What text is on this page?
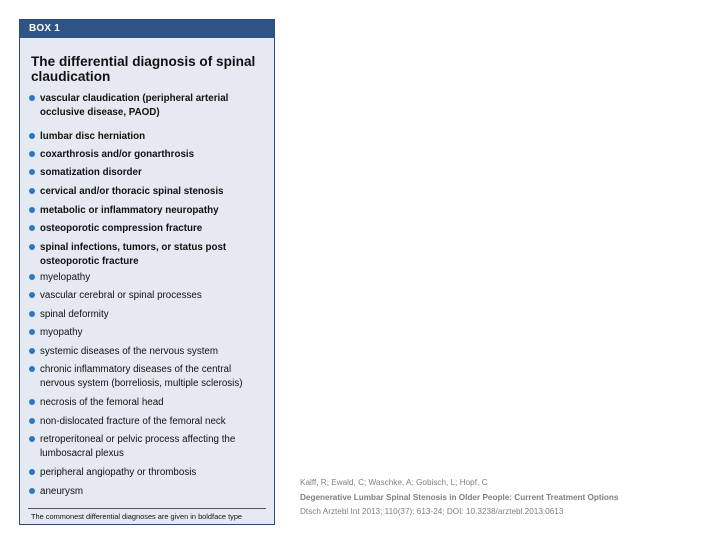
BOX 1
The differential diagnosis of spinal claudication
vascular claudication (peripheral arterial occlusive disease, PAOD)
lumbar disc herniation
coxarthrosis and/or gonarthrosis
somatization disorder
cervical and/or thoracic spinal stenosis
metabolic or inflammatory neuropathy
osteoporotic compression fracture
spinal infections, tumors, or status post osteoporotic fracture
myelopathy
vascular cerebral or spinal processes
spinal deformity
myopathy
systemic diseases of the nervous system
chronic inflammatory diseases of the central nervous system (borreliosis, multiple sclerosis)
necrosis of the femoral head
non-dislocated fracture of the femoral neck
retroperitoneal or pelvic process affecting the lumbosacral plexus
peripheral angiopathy or thrombosis
aneurysm
The commonest differential diagnoses are given in boldface type
Kalff, R; Ewald, C; Waschke, A; Gobisch, L; Hopf, C
Degenerative Lumbar Spinal Stenosis in Older People: Current Treatment Options
Dtsch Arztebl Int 2013; 110(37): 613-24; DOI: 10.3238/arztebl.2013.0613
